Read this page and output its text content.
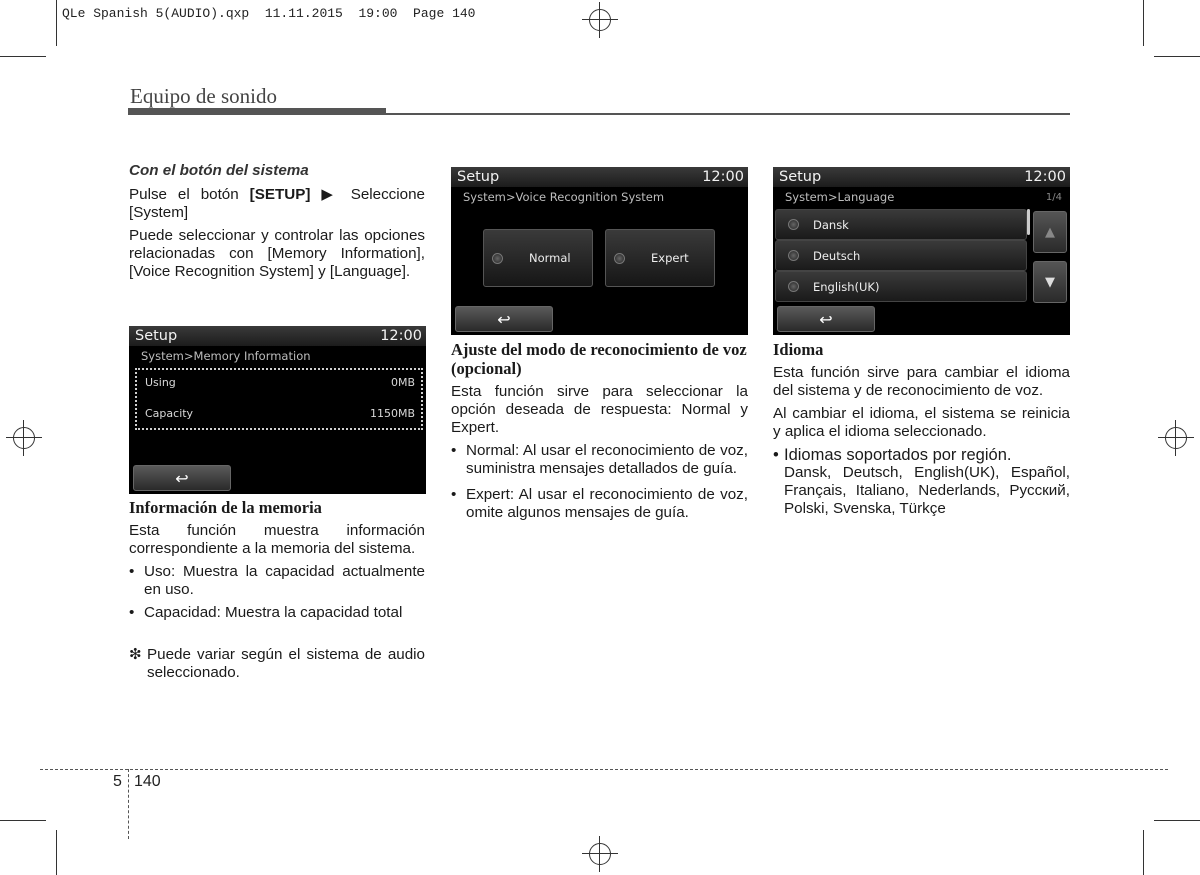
QLe Spanish 5(AUDIO).qxp  11.11.2015  19:00  Page 140
Equipo de sonido

Con el botón del sistema

Pulse el botón [SETUP] ▶ Seleccione [System]

Puede seleccionar y controlar las opciones relacionadas con [Memory Information], [Voice Recognition System] y [Language].

Setup	12:00
System>Memory Information
Using	0MB
Capacity	1150MB
↩

Información de la memoria

Esta función muestra información correspondiente a la memoria del sistema.

• Uso: Muestra la capacidad actualmente en uso.
• Capacidad: Muestra la capacidad total
❇ Puede variar según el sistema de audio seleccionado.
Setup	12:00
System>Voice Recognition System
Normal	Expert
↩

Ajuste del modo de reconocimiento de voz (opcional)

Esta función sirve para seleccionar la opción deseada de respuesta: Normal y Expert.

• Normal: Al usar el reconocimiento de voz, suministra mensajes detallados de guía.
• Expert: Al usar el reconocimiento de voz, omite algunos mensajes de guía.
Setup	12:00
System>Language	1/4
Dansk
Deutsch
English(UK)
▲
▼
↩

Idioma

Esta función sirve para cambiar el idioma del sistema y de reconocimiento de voz.

Al cambiar el idioma, el sistema se reinicia y aplica el idioma seleccionado.

• Idiomas soportados por región.

Dansk, Deutsch, English(UK), Español, Français, Italiano, Nederlands, Русский, Polski, Svenska, Türkçe

5 140
